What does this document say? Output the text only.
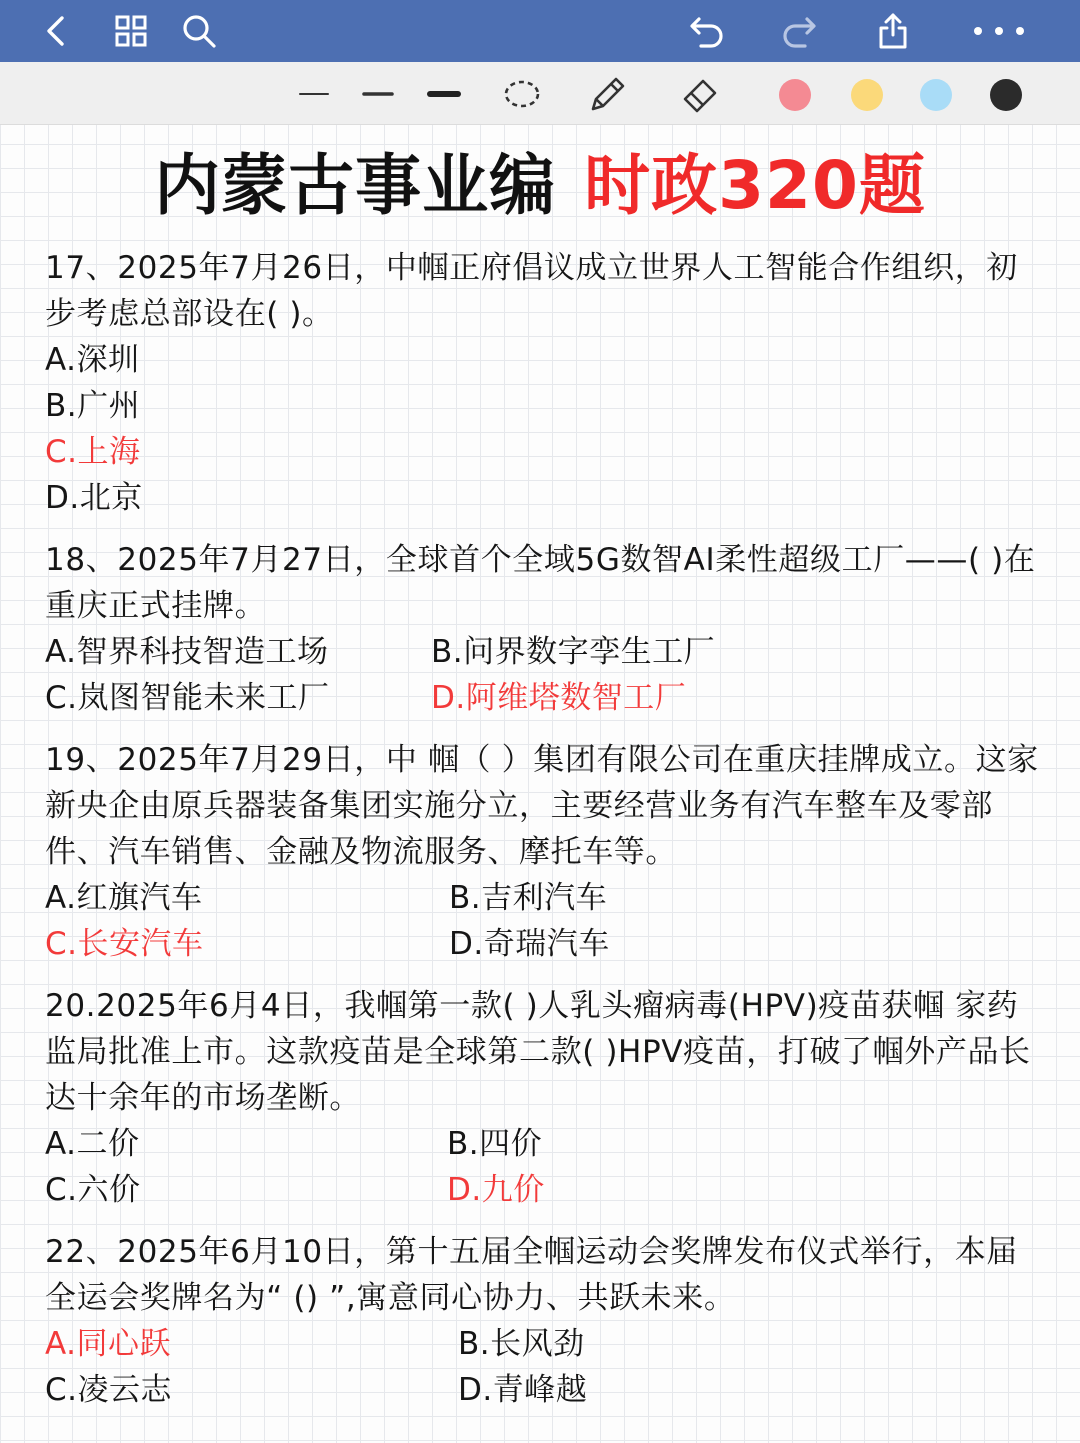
内蒙古事业编 时政320题

17、2025年7月26日，中帼正府倡议成立世界人工智能合作组织，初步考虑总部设在( )。

A.深圳
B.广州
C.上海
D.北京

18、2025年7月27日，全球首个全域5G数智AI柔性超级工厂——( )在重庆正式挂牌。

A.智界科技智造工场	B.问界数字孪生工厂
C.岚图智能未来工厂	D.阿维塔数智工厂

19、2025年7月29日，中 帼（ ）集团有限公司在重庆挂牌成立。这家新央企由原兵器装备集团实施分立，主要经营业务有汽车整车及零部件、汽车销售、金融及物流服务、摩托车等。

A.红旗汽车	B.吉利汽车
C.长安汽车	D.奇瑞汽车

20.2025年6月4日，我帼第一款( )人乳头瘤病毒(HPV)疫苗获帼 家药监局批准上市。这款疫苗是全球第二款( )HPV疫苗，打破了帼外产品长达十余年的市场垄断。

A.二价	B.四价
C.六价	D.九价

22、2025年6月10日，第十五届全帼运动会奖牌发布仪式举行，本届全运会奖牌名为“ () ”,寓意同心协力、共跃未来。

A.同心跃	B.长风劲
C.凌云志	D.青峰越
